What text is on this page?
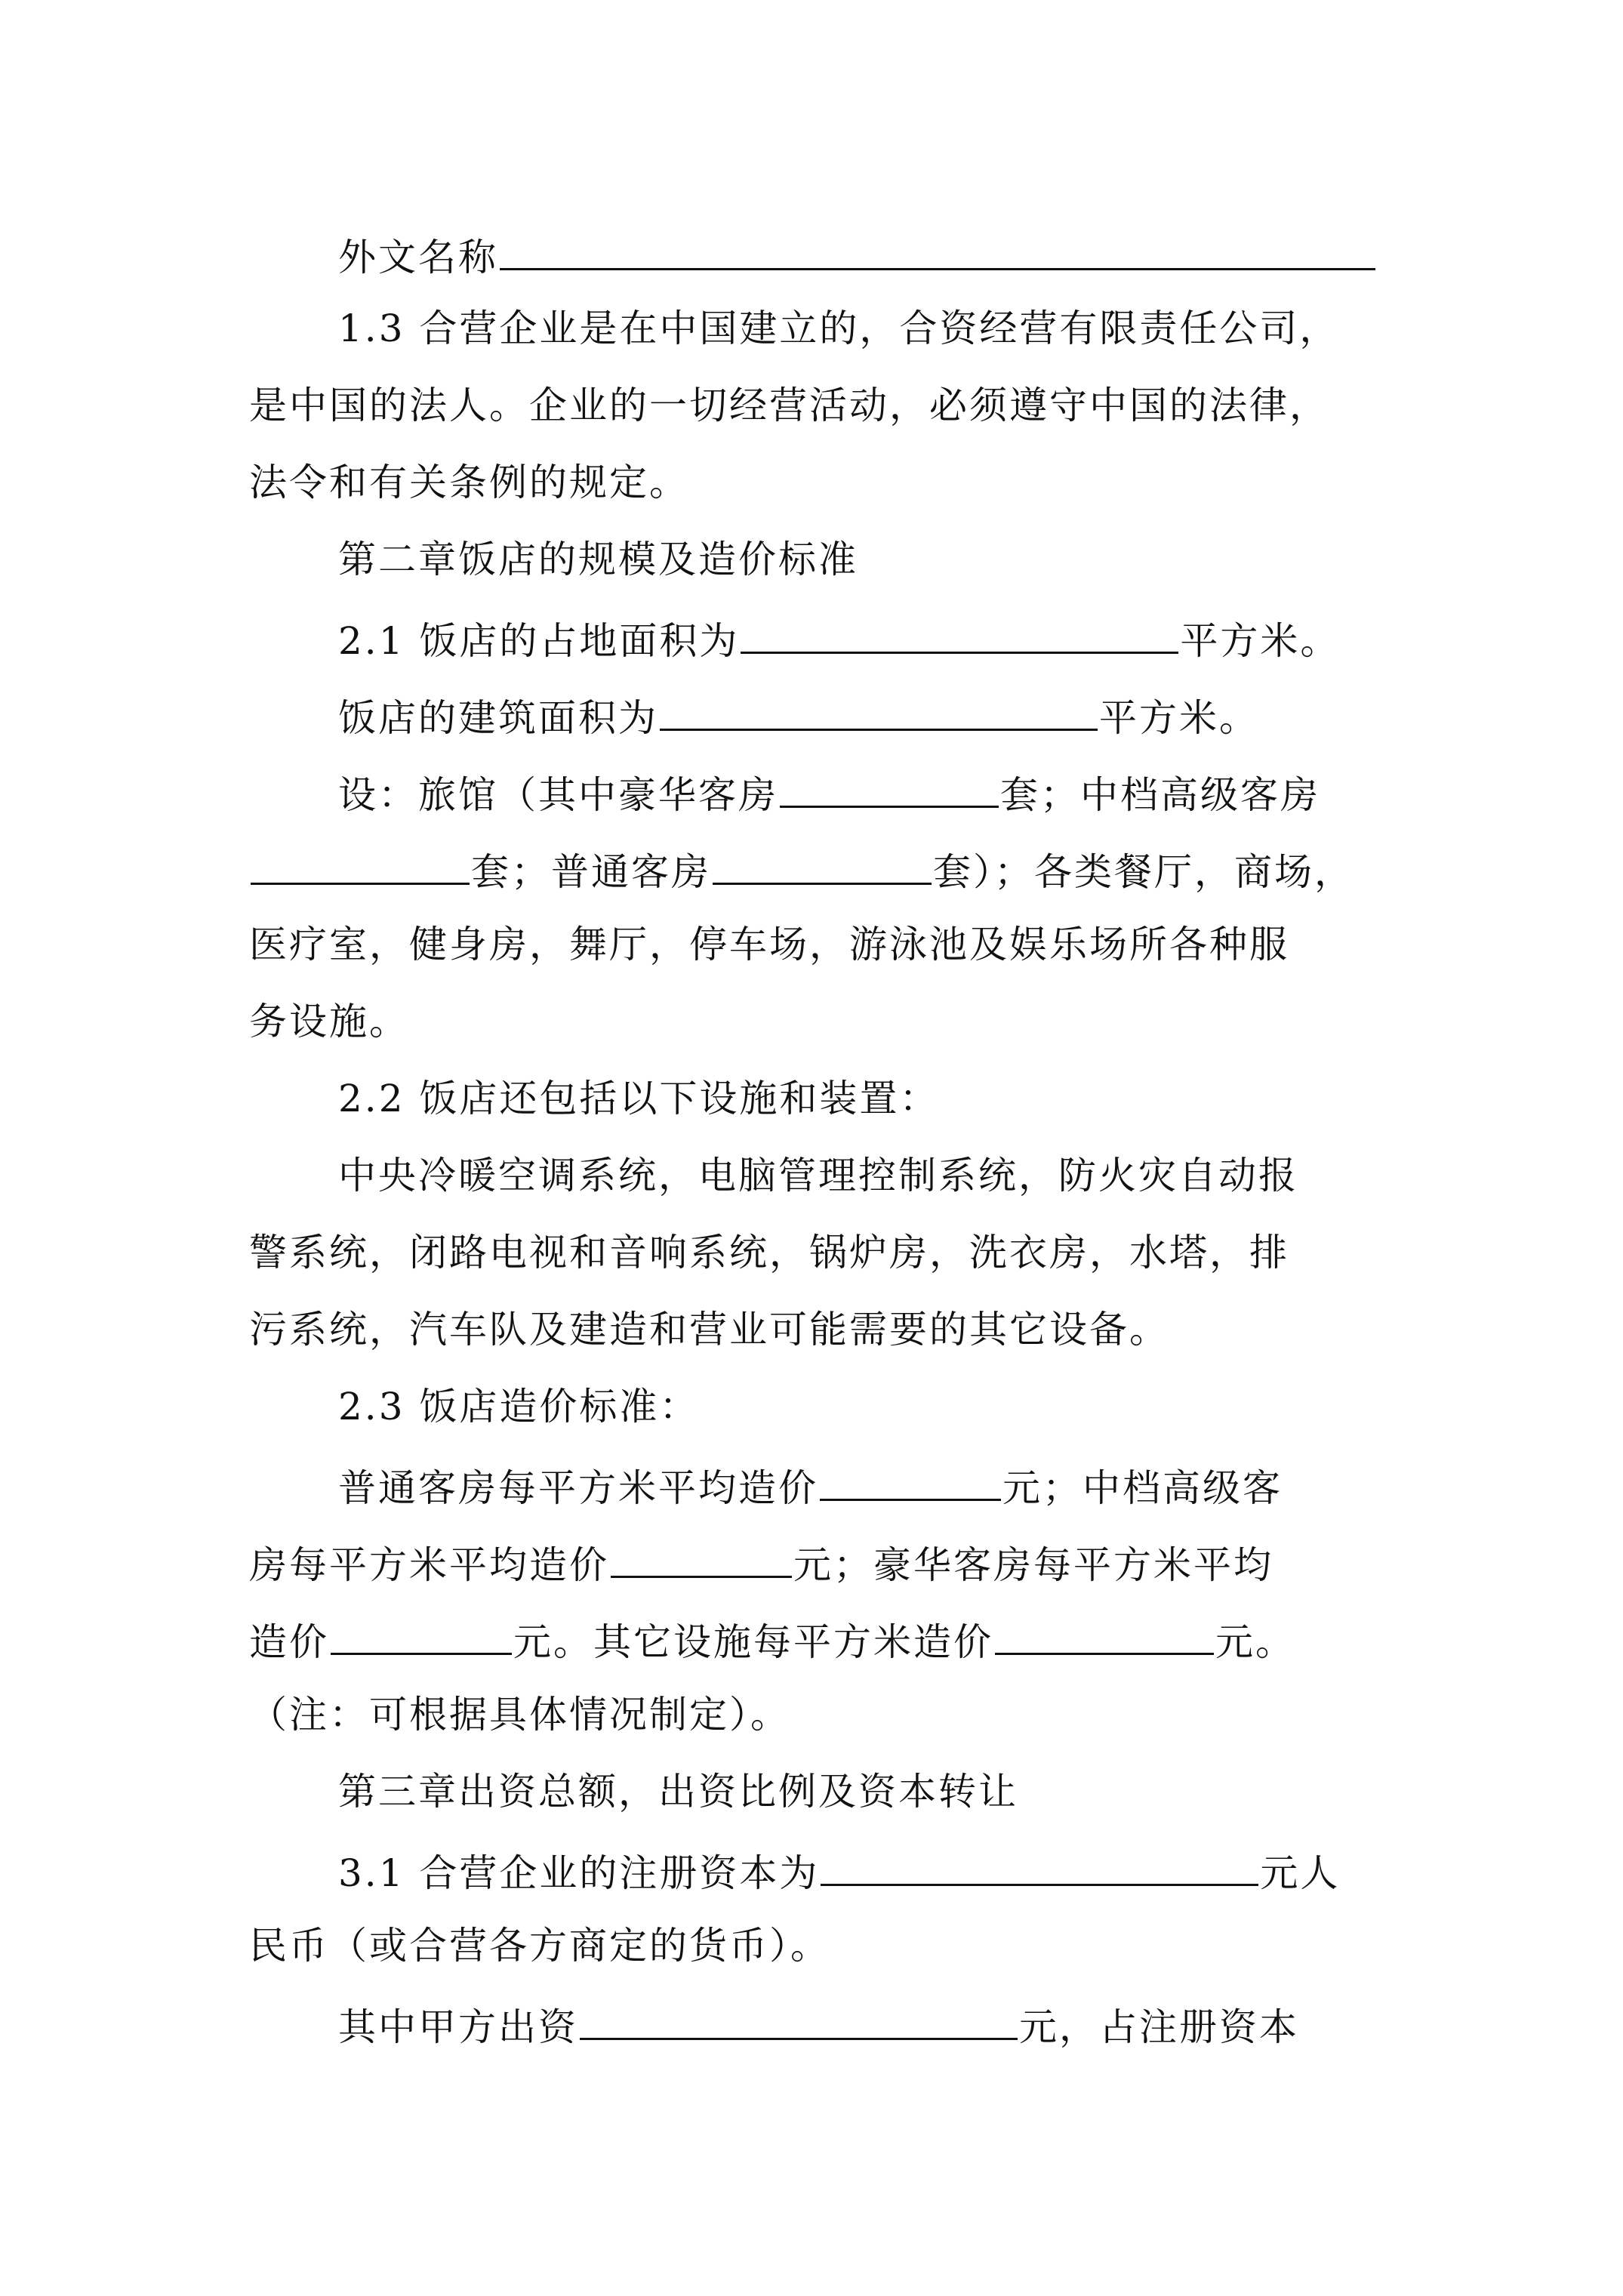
外文名称
1.3 合营企业是在中国建立的，合资经营有限责任公司，
是中国的法人。企业的一切经营活动，必须遵守中国的法律，
法令和有关条例的规定。
第二章饭店的规模及造价标准
2.1 饭店的占地面积为	平方米。
饭店的建筑面积为	平方米。
设：旅馆（其中豪华客房	套；中档高级客房
套；普通客房	套）；各类餐厅，商场，
医疗室，健身房，舞厅，停车场，游泳池及娱乐场所各种服
务设施。
2.2 饭店还包括以下设施和装置：
中央冷暖空调系统，电脑管理控制系统，防火灾自动报
警系统，闭路电视和音响系统，锅炉房，洗衣房，水塔，排
污系统，汽车队及建造和营业可能需要的其它设备。
2.3 饭店造价标准：
普通客房每平方米平均造价	元；中档高级客
房每平方米平均造价	元；豪华客房每平方米平均
造价	元。其它设施每平方米造价	元。
（注：可根据具体情况制定）。
第三章出资总额，出资比例及资本转让
3.1 合营企业的注册资本为	元人
民币（或合营各方商定的货币）。
其中甲方出资	元，占注册资本
